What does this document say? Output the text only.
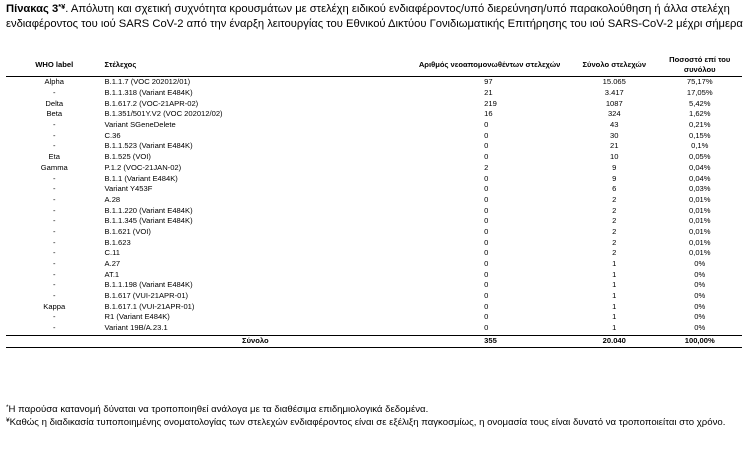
Πίνακας 3*¥. Απόλυτη και σχετική συχνότητα κρουσμάτων με στελέχη ειδικού ενδιαφέροντος/υπό διερεύνηση/υπό παρακολούθηση ή άλλα στελέχη ενδιαφέροντος του ιού SARS CoV-2 από την έναρξη λειτουργίας του Εθνικού Δικτύου Γονιδιωματικής Επιτήρησης του ιού SARS-CoV-2 μέχρι σήμερα
WHO label	Στέλεχος	Αριθμός νεοαπομονωθέντων στελεχών	Σύνολο στελεχών	Ποσοστό επί του συνόλου
Alpha	B.1.1.7 (VOC 202012/01)	97	15.065	75,17%
-	B.1.1.318 (Variant E484K)	21	3.417	17,05%
Delta	B.1.617.2 (VOC-21APR-02)	219	1087	5,42%
Beta	B.1.351/501Y.V2 (VOC 202012/02)	16	324	1,62%
-	Variant SGeneDelete	0	43	0,21%
-	C.36	0	30	0,15%
-	B.1.1.523 (Variant E484K)	0	21	0,1%
Eta	B.1.525 (VOI)	0	10	0,05%
Gamma	P.1.2 (VOC-21JAN-02)	2	9	0,04%
-	B.1.1 (Variant E484K)	0	9	0,04%
-	Variant Y453F	0	6	0,03%
-	A.28	0	2	0,01%
-	B.1.1.220 (Variant E484K)	0	2	0,01%
-	B.1.1.345 (Variant E484K)	0	2	0,01%
-	B.1.621 (VOI)	0	2	0,01%
-	B.1.623	0	2	0,01%
-	C.11	0	2	0,01%
-	A.27	0	1	0%
-	AT.1	0	1	0%
-	B.1.1.198 (Variant E484K)	0	1	0%
-	B.1.617 (VUI-21APR-01)	0	1	0%
Kappa	B.1.617.1 (VUI-21APR-01)	0	1	0%
-	R1 (Variant E484K)	0	1	0%
-	Variant 19B/A.23.1	0	1	0%
	Σύνολο	355	20.040	100,00%
*Η παρούσα κατανομή δύναται να τροποποιηθεί ανάλογα με τα διαθέσιμα επιδημιολογικά δεδομένα.
¥Καθώς η διαδικασία τυποποιημένης ονοματολογίας των στελεχών ενδιαφέροντος είναι σε εξέλιξη παγκοσμίως, η ονομασία τους είναι δυνατό να τροποποιείται στο χρόνο.
